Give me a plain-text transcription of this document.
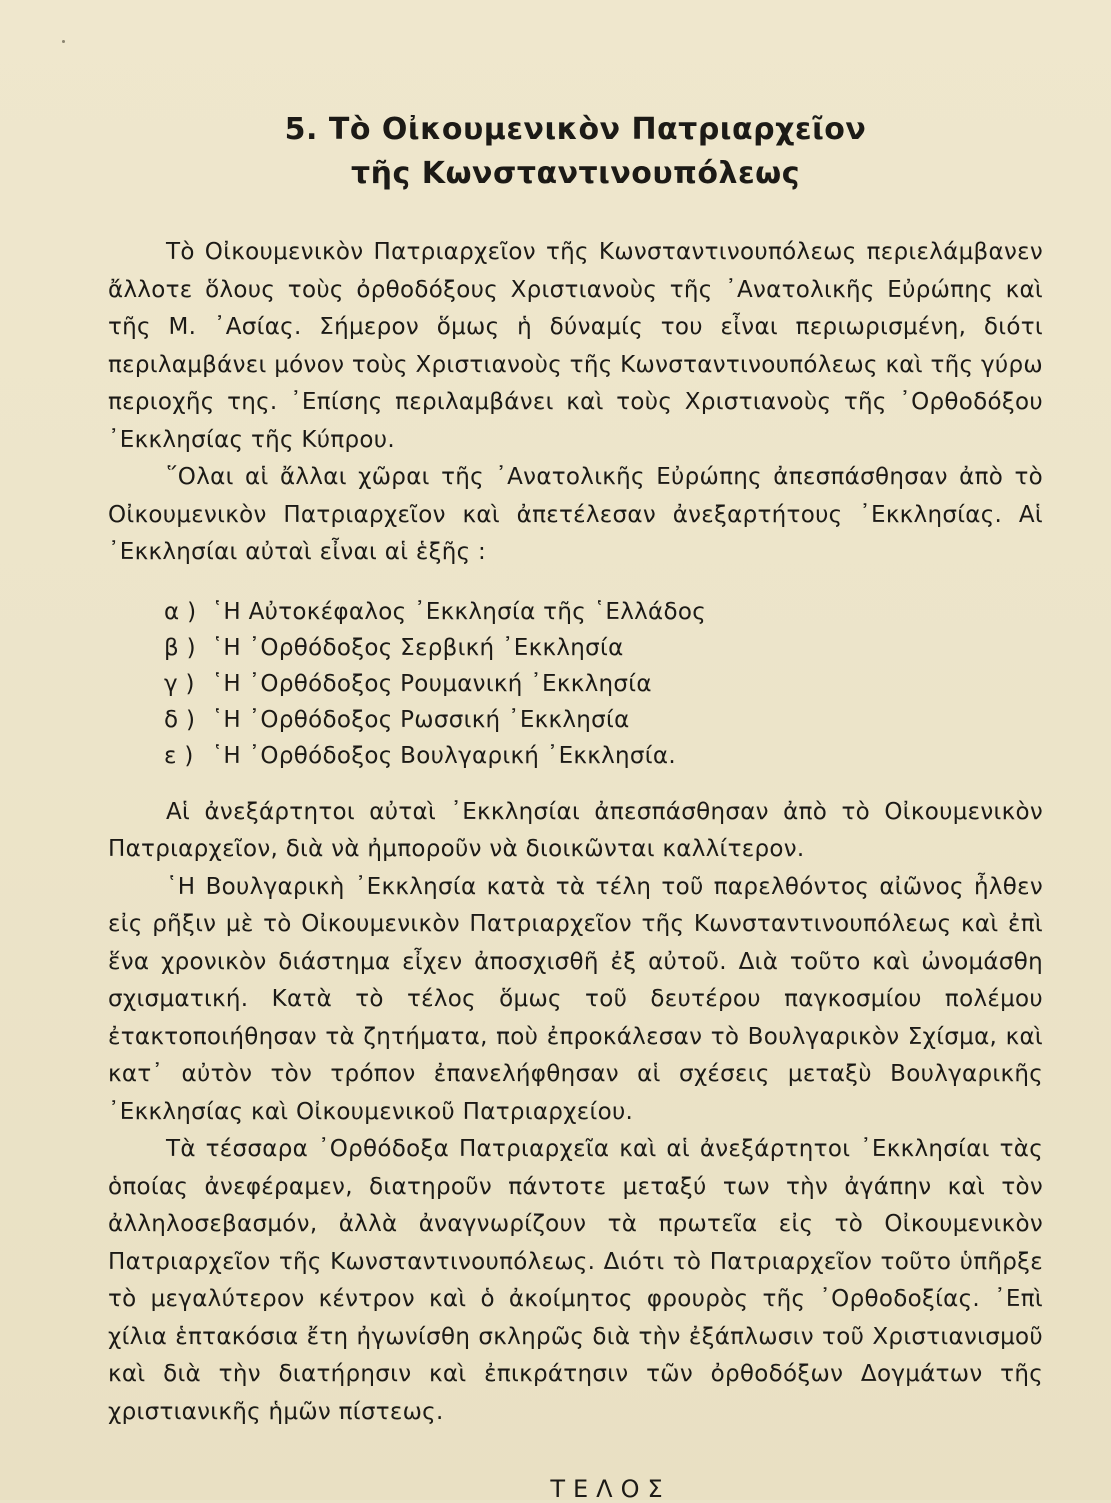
5. Τὸ Οἰκουμενικὸν Πατριαρχεῖον
τῆς Κωνσταντινουπόλεως

Τὸ Οἰκουμενικὸν Πατριαρχεῖον τῆς Κωνσταντινουπόλεως περιελάμβανεν ἄλλοτε ὅλους τοὺς ὀρθοδόξους Χριστιανοὺς τῆς ᾿Ανατολικῆς Εὐρώπης καὶ τῆς Μ. ᾿Ασίας. Σήμερον ὅμως ἡ δύναμίς του εἶναι περιωρισμένη, διότι περιλαμβάνει μόνον τοὺς Χριστιανοὺς τῆς Κωνσταντινουπόλεως καὶ τῆς γύρω περιοχῆς της. ᾿Επίσης περιλαμβάνει καὶ τοὺς Χριστιανοὺς τῆς ᾿Ορθοδόξου ᾿Εκκλησίας τῆς Κύπρου.

῞Ολαι αἱ ἄλλαι χῶραι τῆς ᾿Ανατολικῆς Εὐρώπης ἀπεσπάσθησαν ἀπὸ τὸ Οἰκουμενικὸν Πατριαρχεῖον καὶ ἀπετέλεσαν ἀνεξαρτήτους ᾿Εκκλησίας. Αἱ ᾿Εκκλησίαι αὐταὶ εἶναι αἱ ἑξῆς :

α ) ῾Η Αὐτοκέφαλος ᾿Εκκλησία τῆς ῾Ελλάδος
β ) ῾Η ᾿Ορθόδοξος Σερβική ᾿Εκκλησία
γ ) ῾Η ᾿Ορθόδοξος Ρουμανική ᾿Εκκλησία
δ ) ῾Η ᾿Ορθόδοξος Ρωσσική ᾿Εκκλησία
ε ) ῾Η ᾿Ορθόδοξος Βουλγαρική ᾿Εκκλησία.

Αἱ ἀνεξάρτητοι αὐταὶ ᾿Εκκλησίαι ἀπεσπάσθησαν ἀπὸ τὸ Οἰκουμενικὸν Πατριαρχεῖον, διὰ νὰ ἠμποροῦν νὰ διοικῶνται καλλίτερον.

῾Η Βουλγαρικὴ ᾿Εκκλησία κατὰ τὰ τέλη τοῦ παρελθόντος αἰῶνος ἦλθεν εἰς ρῆξιν μὲ τὸ Οἰκουμενικὸν Πατριαρχεῖον τῆς Κωνσταντινουπόλεως καὶ ἐπὶ ἕνα χρονικὸν διάστημα εἶχεν ἀποσχισθῆ ἐξ αὐτοῦ. Διὰ τοῦτο καὶ ὠνομάσθη σχισματική. Κατὰ τὸ τέλος ὅμως τοῦ δευτέρου παγκοσμίου πολέμου ἐτακτοποιήθησαν τὰ ζητήματα, ποὺ ἐπροκάλεσαν τὸ Βουλγαρικὸν Σχίσμα, καὶ κατ᾿ αὐτὸν τὸν τρόπον ἐπανελήφθησαν αἱ σχέσεις μεταξὺ Βουλγαρικῆς ᾿Εκκλησίας καὶ Οἰκουμενικοῦ Πατριαρχείου.

Τὰ τέσσαρα ᾿Ορθόδοξα Πατριαρχεῖα καὶ αἱ ἀνεξάρτητοι ᾿Εκκλησίαι τὰς ὁποίας ἀνεφέραμεν, διατηροῦν πάντοτε μεταξύ των τὴν ἀγάπην καὶ τὸν ἀλληλοσεβασμόν, ἀλλὰ ἀναγνωρίζουν τὰ πρωτεῖα εἰς τὸ Οἰκουμενικὸν Πατριαρχεῖον τῆς Κωνσταντινουπόλεως. Διότι τὸ Πατριαρχεῖον τοῦτο ὑπῆρξε τὸ μεγαλύτερον κέντρον καὶ ὁ ἀκοίμητος φρουρὸς τῆς ᾿Ορθοδοξίας. ᾿Επὶ χίλια ἑπτακόσια ἔτη ἠγωνίσθη σκληρῶς διὰ τὴν ἐξάπλωσιν τοῦ Χριστιανισμοῦ καὶ διὰ τὴν διατήρησιν καὶ ἐπικράτησιν τῶν ὀρθοδόξων Δογμάτων τῆς χριστιανικῆς ἡμῶν πίστεως.

ΤΕΛΟΣ
